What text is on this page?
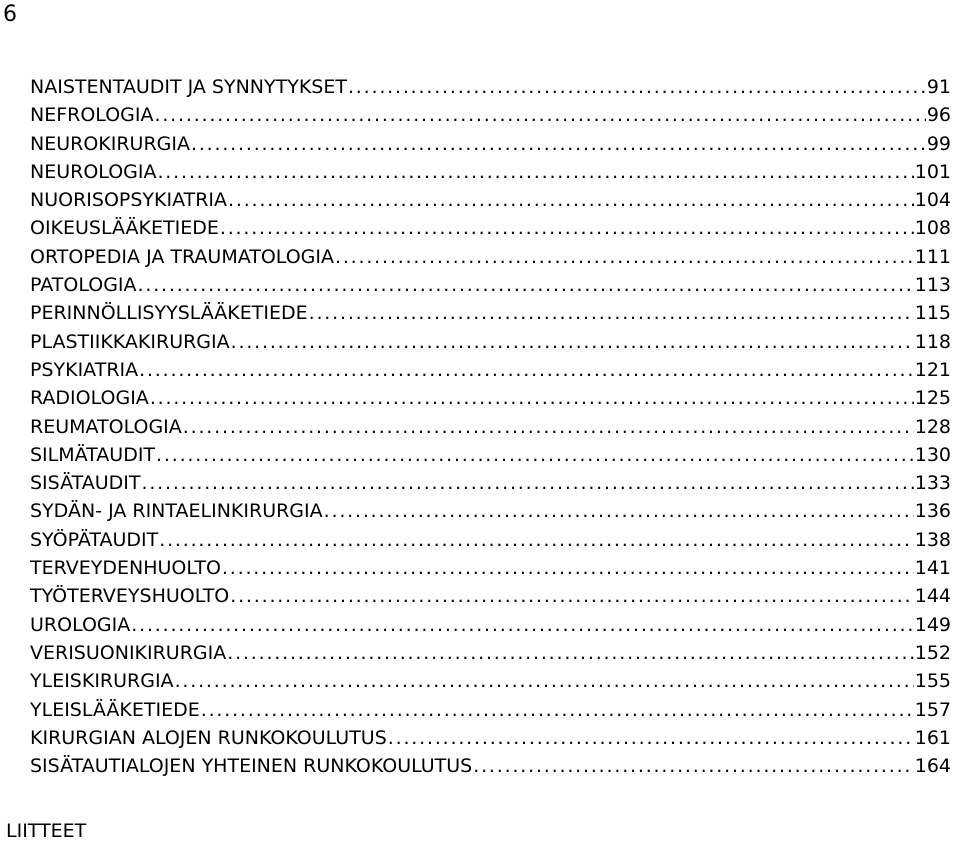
6
NAISTENTAUDIT JA SYNNYTYKSET .....	91
NEFROLOGIA .....	96
NEUROKIRURGIA .....	99
NEUROLOGIA .....	101
NUORISOPSYKIATRIA .....	104
OIKEUSLÄÄKETIEDE .....	108
ORTOPEDIA JA TRAUMATOLOGIA .....	111
PATOLOGIA .....	113
PERINNÖLLISYYSLÄÄKETIEDE .....	115
PLASTIIKKAKIRURGIA .....	118
PSYKIATRIA .....	121
RADIOLOGIA .....	125
REUMATOLOGIA .....	128
SILMÄTAUDIT .....	130
SISÄTAUDIT .....	133
SYDÄN- JA RINTAELINKIRURGIA .....	136
SYÖPÄTAUDIT .....	138
TERVEYDENHUOLTO .....	141
TYÖTERVEYSHUOLTO .....	144
UROLOGIA .....	149
VERISUONIKIRURGIA .....	152
YLEISKIRURGIA .....	155
YLEISLÄÄKETIEDE .....	157
KIRURGIAN ALOJEN RUNKOKOULUTUS .....	161
SISÄTAUTIALOJEN YHTEINEN RUNKOKOULUTUS .....	164
LIITTEET
